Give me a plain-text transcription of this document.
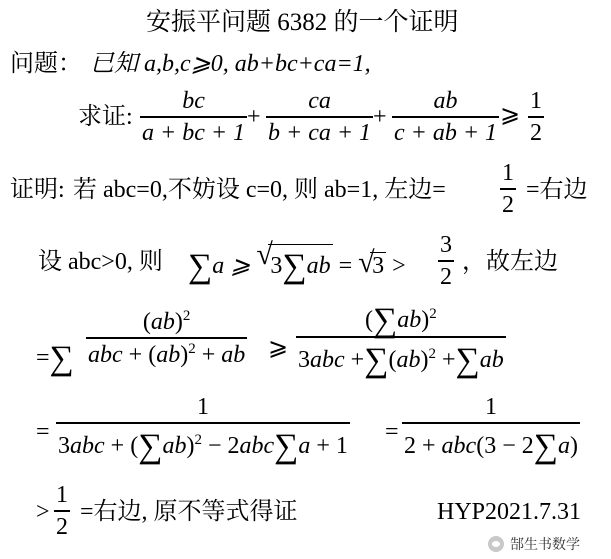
安振平问题 6382 的一个证明
问题： 已知 a,b,c⩾0, ab+bc+ca=1,
求证:
bc
a + bc + 1
+
ca
b + ca + 1
+
ab
c + ab + 1
⩾
1
2
证明: 若 abc=0,不妨设 c=0, 则 ab=1, 左边=
1
2
=右边
设 abc>0, 则 ∑a ⩾ √
3∑ab = √
3 >
3
2
，故左边
=∑
(ab)$^2$
abc + (ab)$^2$ + ab ⩾
$(\sum ab)^2$
3abc +∑(ab)$^2$ +∑ab
=
1
$3abc + (\sum ab)^2 - 2abc\sum a + 1$
=
1
2 + abc(3 − 2∑a)
>
1
2
=右边, 原不等式得证	HYP2021.7.31
郜生书数学
